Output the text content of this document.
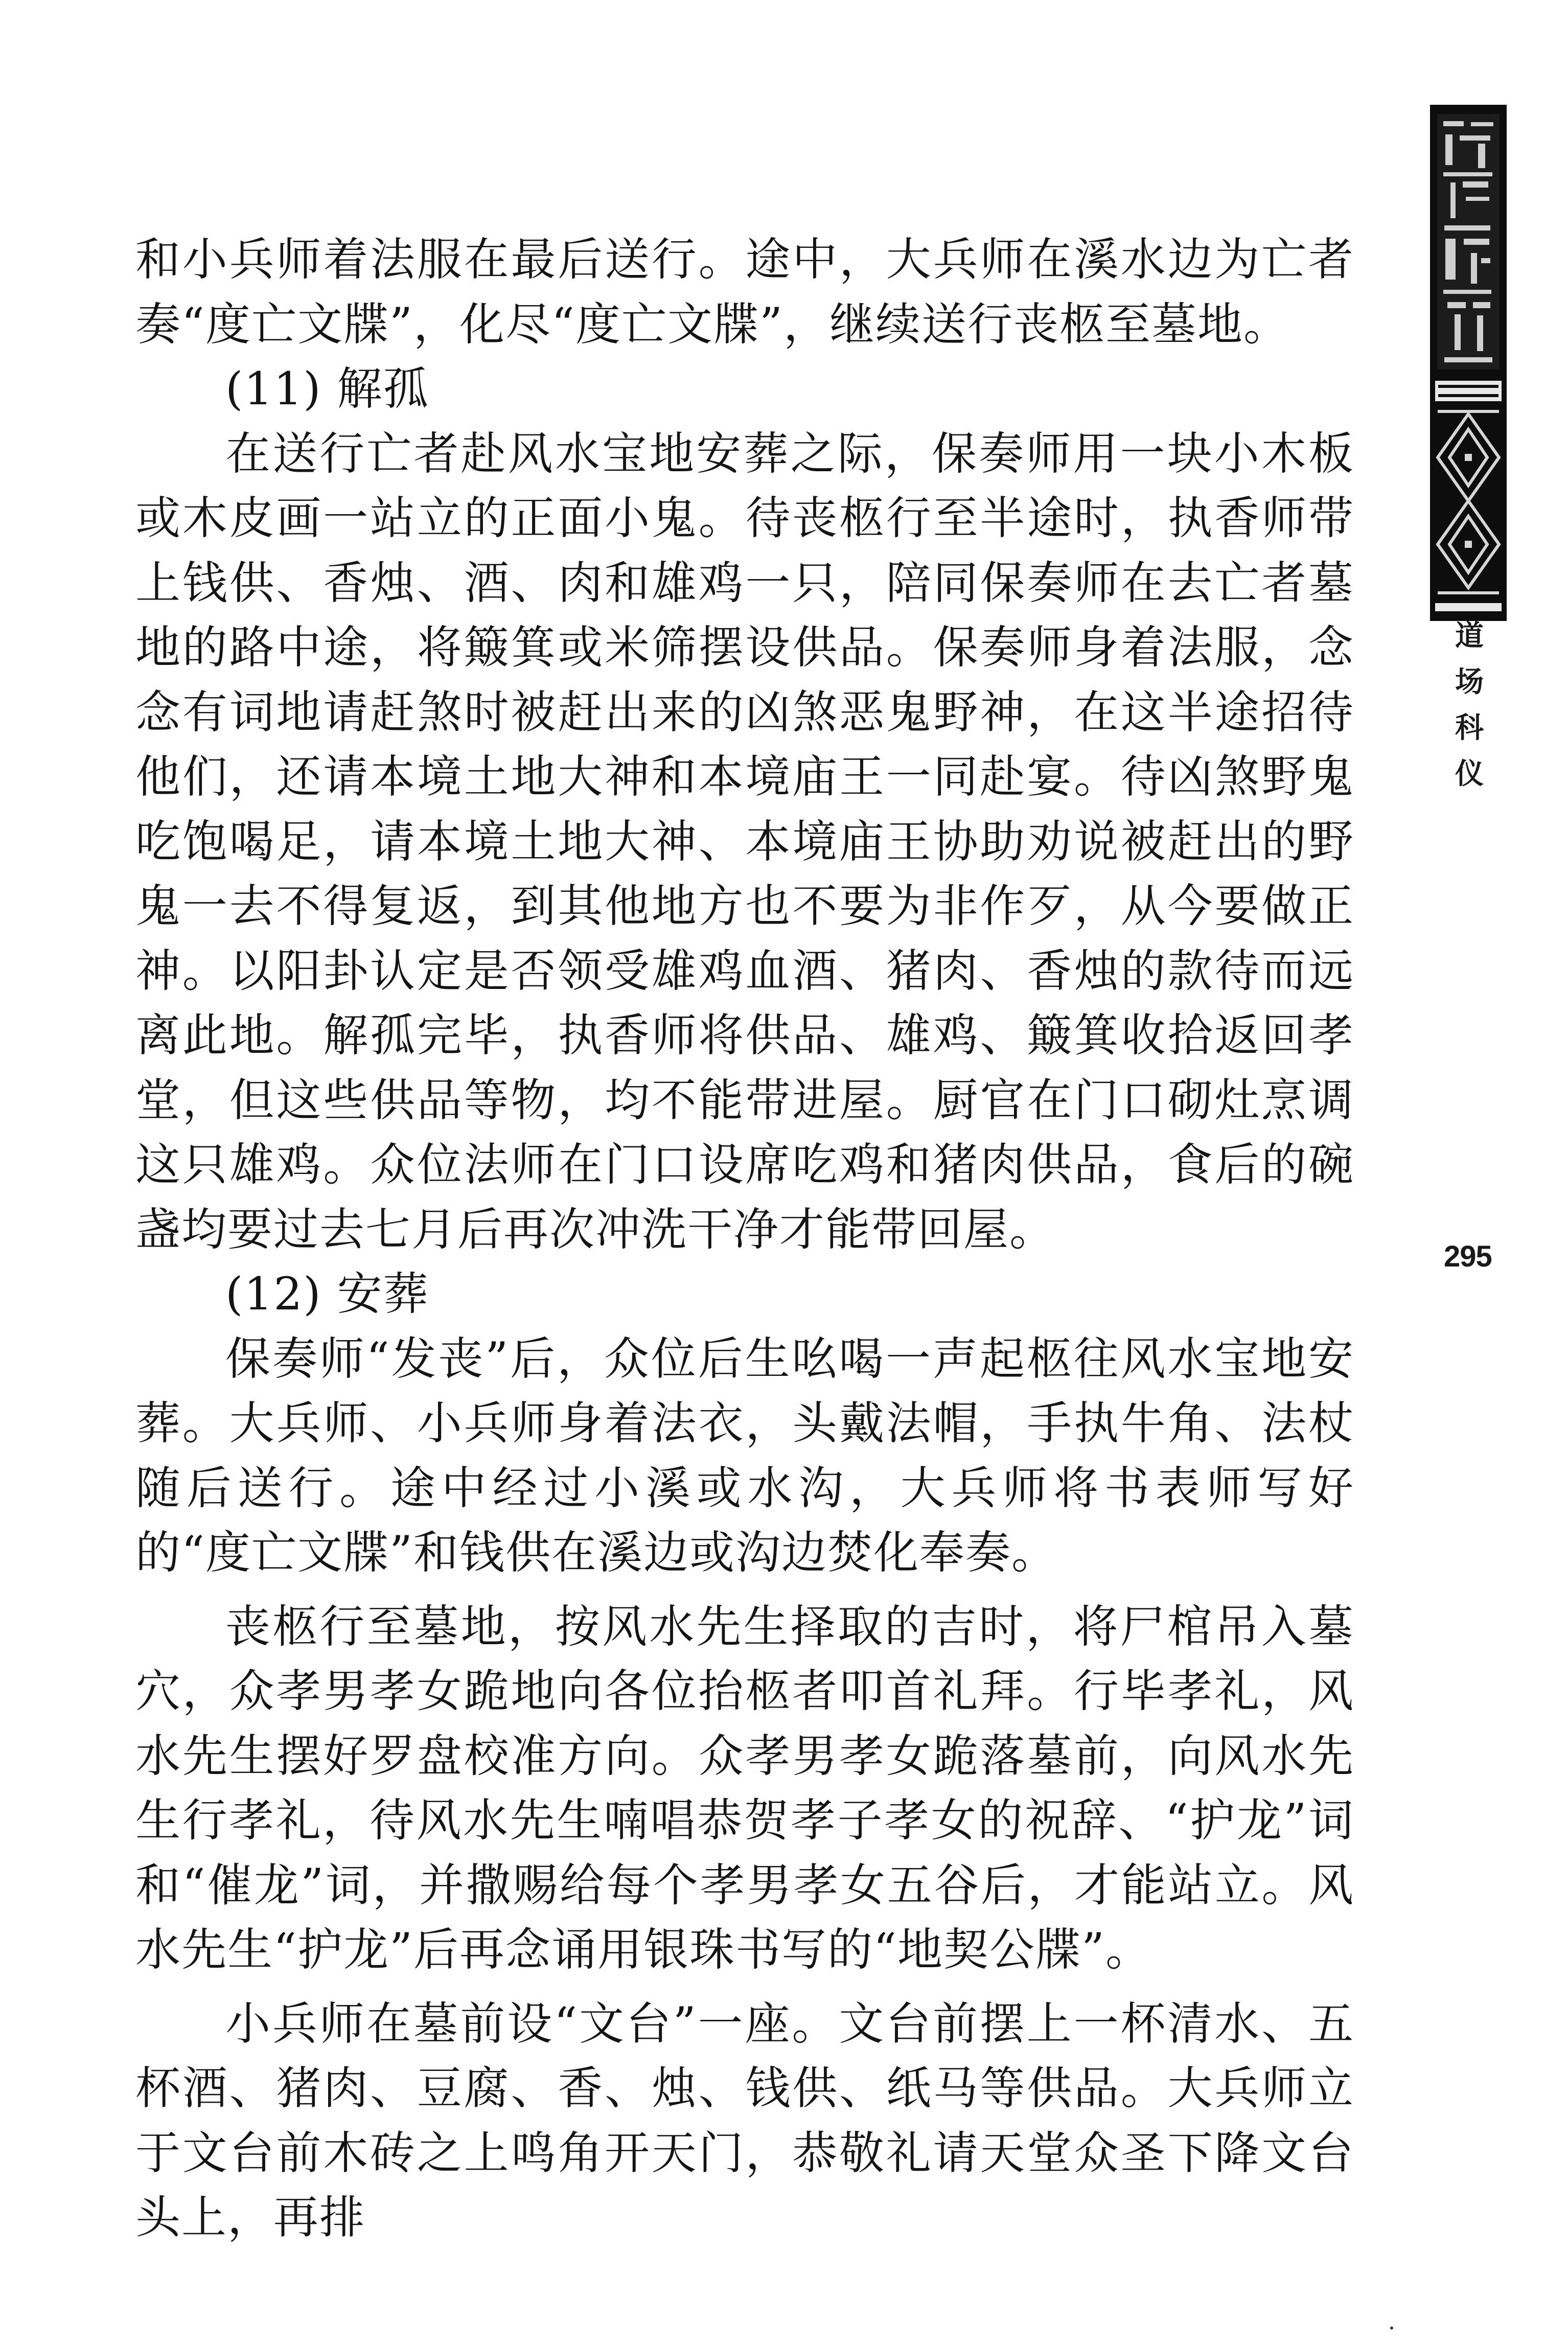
和小兵师着法服在最后送行。途中，大兵师在溪水边为亡者奏“度亡文牒”，化尽“度亡文牒”，继续送行丧柩至墓地。

(11) 解孤

在送行亡者赴风水宝地安葬之际，保奏师用一块小木板或木皮画一站立的正面小鬼。待丧柩行至半途时，执香师带上钱供、香烛、酒、肉和雄鸡一只，陪同保奏师在去亡者墓地的路中途，将簸箕或米筛摆设供品。保奏师身着法服，念念有词地请赶煞时被赶出来的凶煞恶鬼野神，在这半途招待他们，还请本境土地大神和本境庙王一同赴宴。待凶煞野鬼吃饱喝足，请本境土地大神、本境庙王协助劝说被赶出的野鬼一去不得复返，到其他地方也不要为非作歹，从今要做正神。以阳卦认定是否领受雄鸡血酒、猪肉、香烛的款待而远离此地。解孤完毕，执香师将供品、雄鸡、簸箕收拾返回孝堂，但这些供品等物，均不能带进屋。厨官在门口砌灶烹调这只雄鸡。众位法师在门口设席吃鸡和猪肉供品，食后的碗盏均要过去七月后再次冲洗干净才能带回屋。

(12) 安葬

保奏师“发丧”后，众位后生吆喝一声起柩往风水宝地安葬。大兵师、小兵师身着法衣，头戴法帽，手执牛角、法杖随后送行。途中经过小溪或水沟，大兵师将书表师写好的“度亡文牒”和钱供在溪边或沟边焚化奉奏。

丧柩行至墓地，按风水先生择取的吉时，将尸棺吊入墓穴，众孝男孝女跪地向各位抬柩者叩首礼拜。行毕孝礼，风水先生摆好罗盘校准方向。众孝男孝女跪落墓前，向风水先生行孝礼，待风水先生喃唱恭贺孝子孝女的祝辞、“护龙”词和“催龙”词，并撒赐给每个孝男孝女五谷后，才能站立。风水先生“护龙”后再念诵用银珠书写的“地契公牒”。

小兵师在墓前设“文台”一座。文台前摆上一杯清水、五杯酒、猪肉、豆腐、香、烛、钱供、纸马等供品。大兵师立于文台前木砖之上鸣角开天门，恭敬礼请天堂众圣下降文台头上，再排

道
场
科
仪
295
